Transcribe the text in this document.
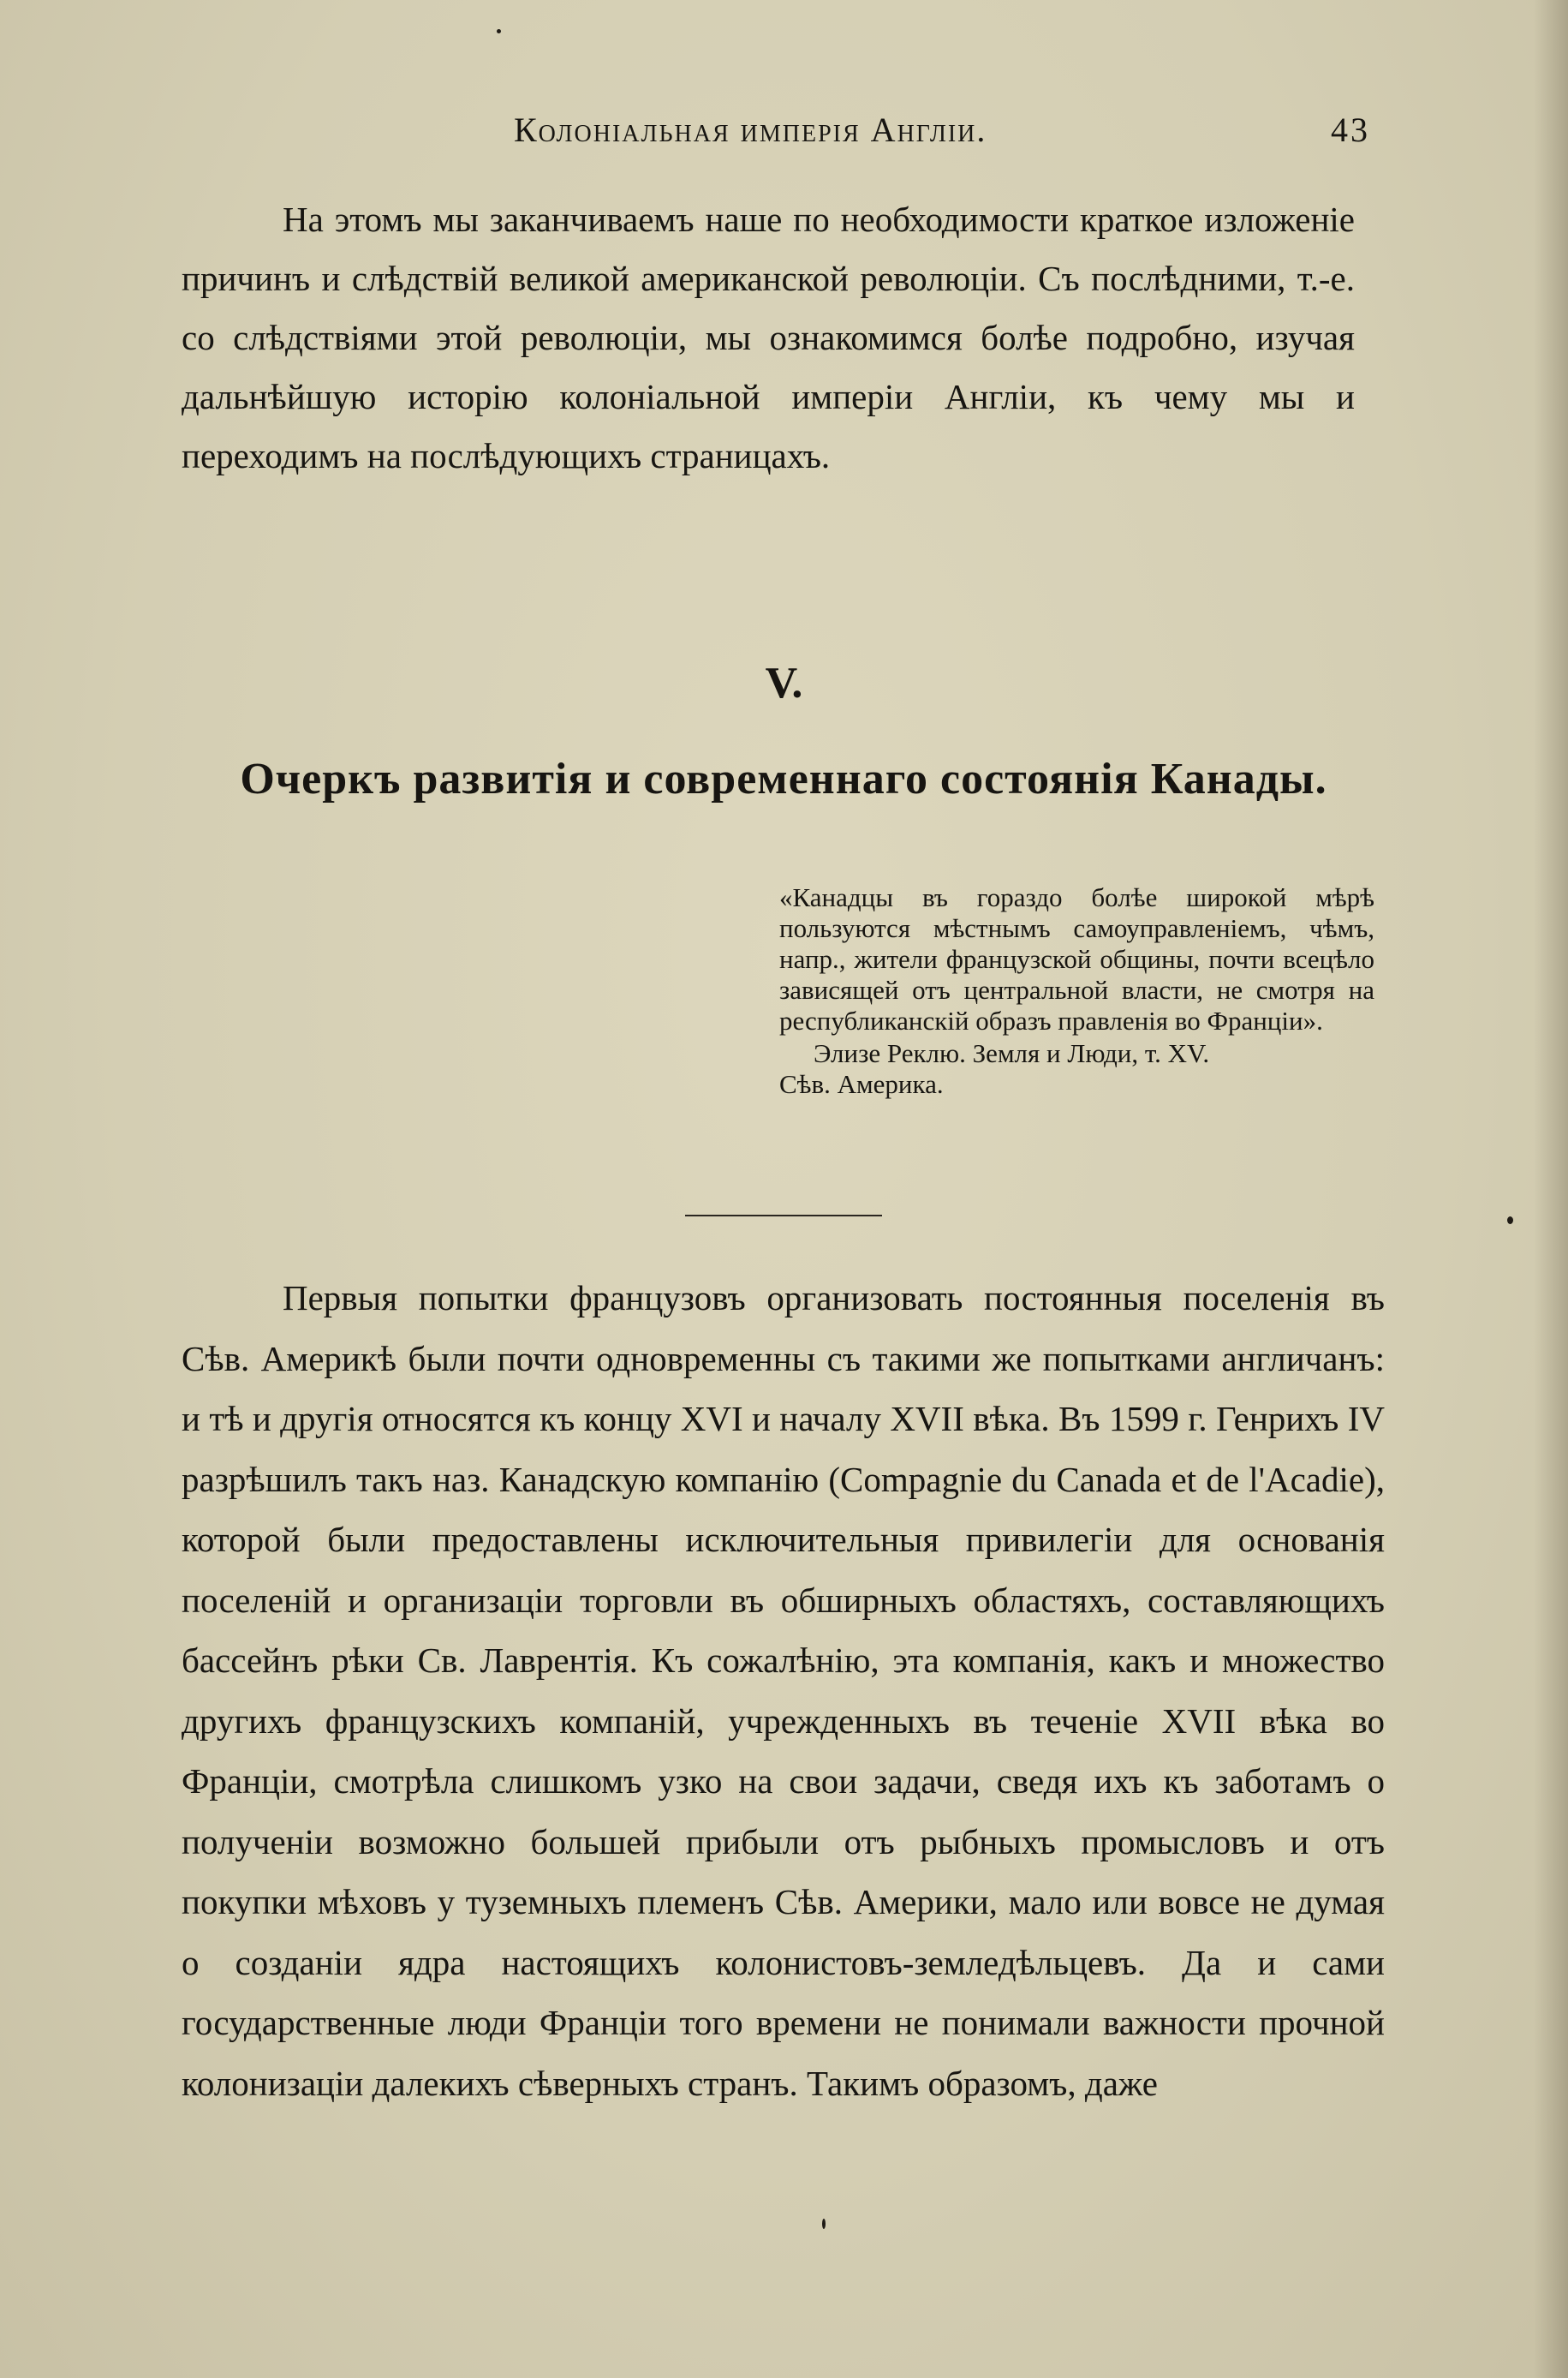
Колоніальная имперія Англіи.	43

На этомъ мы заканчиваемъ наше по необходимости краткое изложеніе причинъ и слѣдствій великой американской революціи. Съ послѣдними, т.-е. со слѣдствіями этой революціи, мы ознакомимся болѣе подробно, изучая дальнѣйшую исторію колоніальной имперіи Англіи, къ чему мы и переходимъ на послѣдующихъ страницахъ.

V.
Очеркъ развитія и современнаго состоянія Канады.

«Канадцы въ гораздо болѣе широкой мѣрѣ пользуются мѣстнымъ самоуправленіемъ, чѣмъ, напр., жители французской общины, почти всецѣло зависящей отъ центральной власти, не смотря на республиканскій образъ правленія во Франціи».

Элизе Реклю. Земля и Люди, т. XV.
Сѣв. Америка.

Первыя попытки французовъ организовать постоянныя поселенія въ Сѣв. Америкѣ были почти одновременны съ такими же попытками англичанъ: и тѣ и другія относятся къ концу XVI и началу XVII вѣка. Въ 1599 г. Генрихъ IV разрѣшилъ такъ наз. Канадскую компанію (Compagnie du Canada et de l'Acadie), которой были предоставлены исключительныя привилегіи для основанія поселеній и организаціи торговли въ обширныхъ областяхъ, составляющихъ бассейнъ рѣки Св. Лаврентія. Къ сожалѣнію, эта компанія, какъ и множество другихъ французскихъ компаній, учрежденныхъ въ теченіе XVII вѣка во Франціи, смотрѣла слишкомъ узко на свои задачи, сведя ихъ къ заботамъ о полученіи возможно большей прибыли отъ рыбныхъ промысловъ и отъ покупки мѣховъ у туземныхъ племенъ Сѣв. Америки, мало или вовсе не думая о созданіи ядра настоящихъ колонистовъ-земледѣльцевъ. Да и сами государственные люди Франціи того времени не понимали важности прочной колонизаціи далекихъ сѣверныхъ странъ. Такимъ образомъ, даже
